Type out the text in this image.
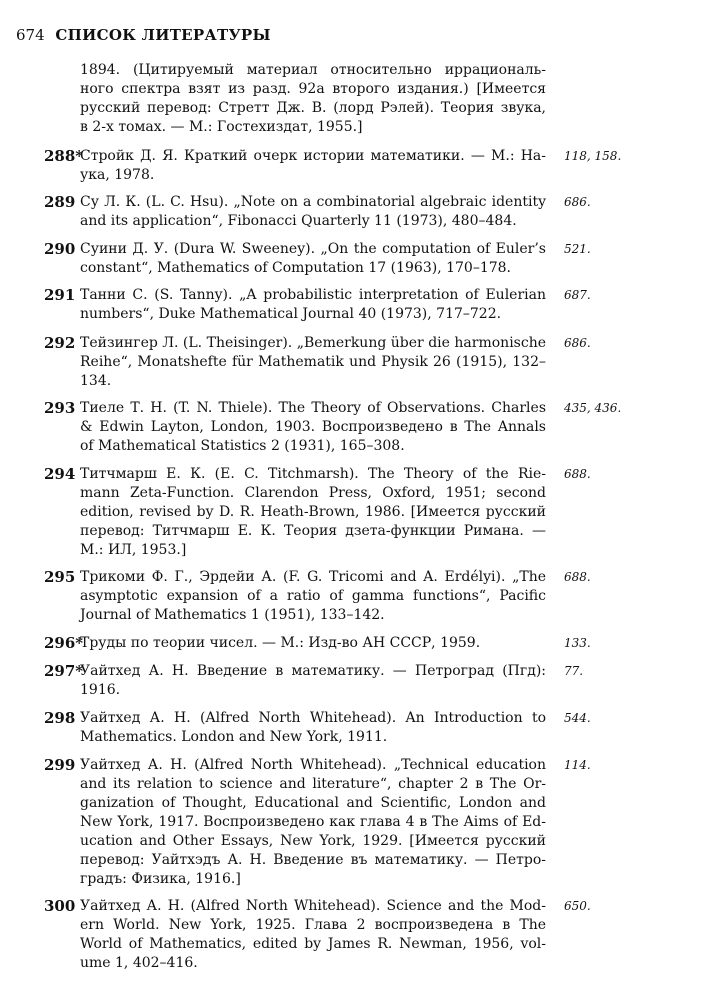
674 СПИСОК ЛИТЕРАТУРЫ
1894. (Цитируемый материал относительно иррациональ-
ного спектра взят из разд. 92а второго издания.) [Имеется
русский перевод: Стретт Дж. В. (лорд Рэлей). Теория звука,
в 2-х томах. — М.: Гостехиздат, 1955.]
288*
Стройк Д. Я. Краткий очерк истории математики. — М.: На-
ука, 1978.
118, 158.
289 Су Л. К. (L. C. Hsu). „Note on a combinatorial algebraic identity
and its application“, Fibonacci Quarterly 11 (1973), 480–484.
686.
290 Суини Д. У. (Dura W. Sweeney). „On the computation of Euler’s
constant“, Mathematics of Computation 17 (1963), 170–178.
521.
291 Танни С. (S. Tanny). „A probabilistic interpretation of Eulerian
numbers“, Duke Mathematical Journal 40 (1973), 717–722.
687.
292 Тейзингер Л. (L. Theisinger). „Bemerkung über die harmonische
Reihe“, Monatshefte für Mathematik und Physik 26 (1915), 132–
134.
686.
293 Тиеле Т. Н. (T. N. Thiele). The Theory of Observations. Charles
& Edwin Layton, London, 1903. Воспроизведено в The Annals
of Mathematical Statistics 2 (1931), 165–308.
435, 436.
294 Титчмарш Е. К. (E. C. Titchmarsh). The Theory of the Rie-
mann Zeta-Function. Clarendon Press, Oxford, 1951; second
edition, revised by D. R. Heath-Brown, 1986. [Имеется русский
перевод: Титчмарш Е. К. Теория дзета-функции Римана. —
М.: ИЛ, 1953.]
688.
295 Трикоми Ф. Г., Эрдейи А. (F. G. Tricomi and A. Erdélyi). „The
asymptotic expansion of a ratio of gamma functions“, Pacific
Journal of Mathematics 1 (1951), 133–142.
688.
296*
Труды по теории чисел. — М.: Изд-во АН СССР, 1959.	133.
297*
Уайтхед А. Н. Введение в математику. — Петроград (Пгд):
1916.
77.
298 Уайтхед А. Н. (Alfred North Whitehead). An Introduction to
Mathematics. London and New York, 1911.
544.
299 Уайтхед А. Н. (Alfred North Whitehead). „Technical education
and its relation to science and literature“, chapter 2 в The Or-
ganization of Thought, Educational and Scientific, London and
New York, 1917. Воспроизведено как глава 4 в The Aims of Ed-
ucation and Other Essays, New York, 1929. [Имеется русский
перевод: Уайтхэдъ А. Н. Введение въ математику. — Петро-
градъ: Физика, 1916.]
114.
300 Уайтхед А. Н. (Alfred North Whitehead). Science and the Mod-
ern World. New York, 1925. Глава 2 воспроизведена в The
World of Mathematics, edited by James R. Newman, 1956, vol-
ume 1, 402–416.
650.
